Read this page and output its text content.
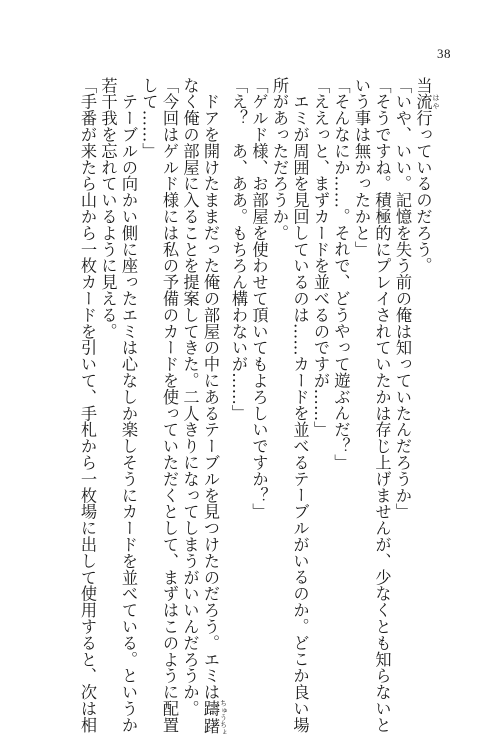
38
当流 はや行っているのだろう。
「いや、いい。記憶を失う前の俺は知っていたんだろうか」
「そうですね。積極的にプレイされていたかは存じ上げませんが、少なくとも知らないと
いう事は無かったかと」
「そんなにか……。それで、どうやって遊ぶんだ？」
「ええっと、まずカードを並べるのですが……」
　エミが周囲を見回しているのは……カードを並べるテーブルがいるのか。どこか良い場
所があっただろうか。
「ゲルド様、お部屋を使わせて頂いてもよろしいですか？」
「え？　あ、ああ。もちろん構わないが……」
　ドアを開けたままだった俺の部屋の中にあるテーブルを見つけたのだろう。エミは躊躇 ちゅうちょ
なく俺の部屋に入ることを提案してきた。二人きりになってしまうがいいんだろうか。
「今回はゲルド様には私の予備のカードを使っていただくとして、まずはこのように配置
して……」
　テーブルの向かい側に座ったエミは心なしか楽しそうにカードを並べている。というか
若干我を忘れているように見える。
「手番が来たら山から一枚カードを引いて、手札から一枚場に出して使用すると、次は相
